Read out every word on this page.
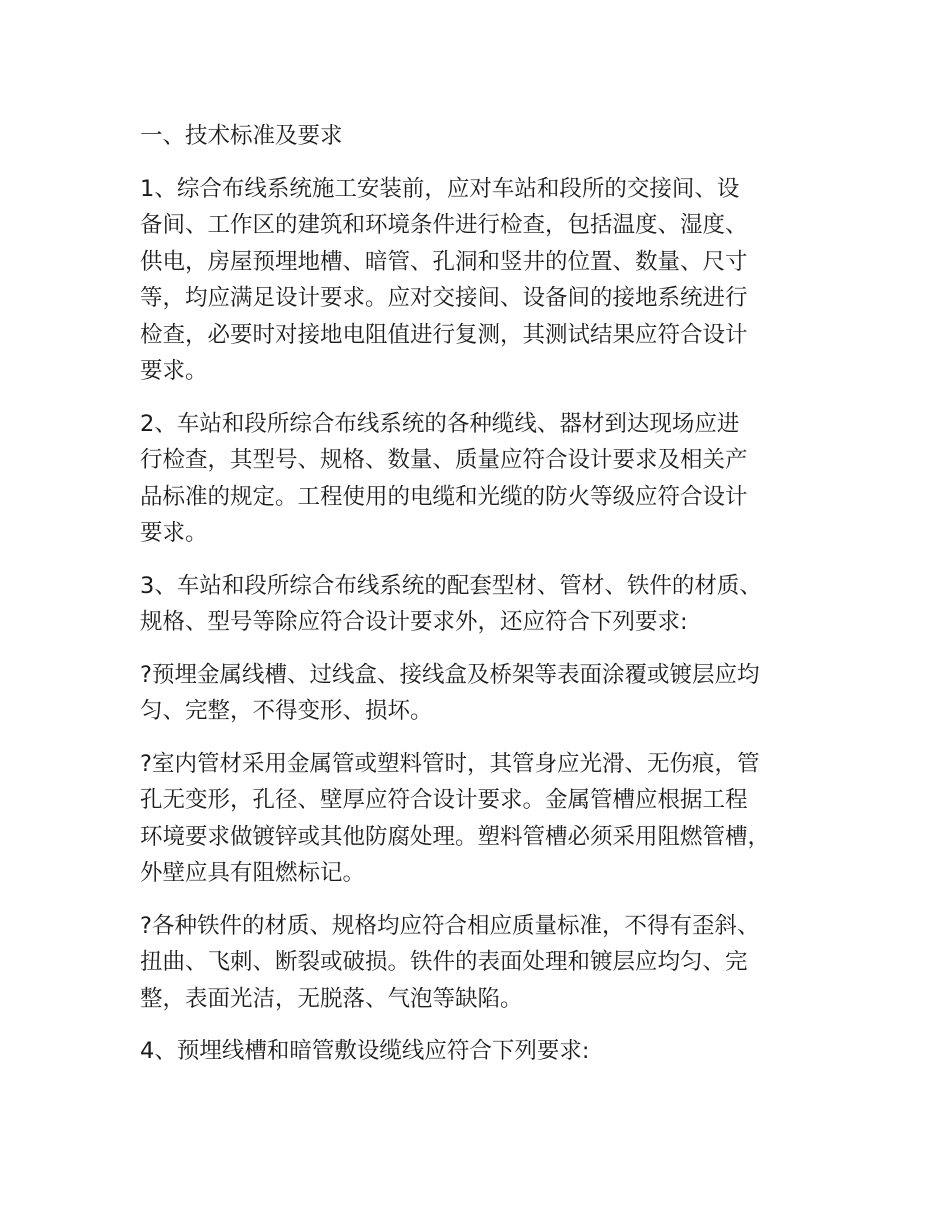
一、技术标准及要求
1、综合布线系统施工安装前，应对车站和段所的交接间、设
备间、工作区的建筑和环境条件进行检查，包括温度、湿度、
供电，房屋预埋地槽、暗管、孔洞和竖井的位置、数量、尺寸
等，均应满足设计要求。应对交接间、设备间的接地系统进行
检查，必要时对接地电阻值进行复测，其测试结果应符合设计
要求。
2、车站和段所综合布线系统的各种缆线、器材到达现场应进
行检查，其型号、规格、数量、质量应符合设计要求及相关产
品标准的规定。工程使用的电缆和光缆的防火等级应符合设计
要求。
3、车站和段所综合布线系统的配套型材、管材、铁件的材质、
规格、型号等除应符合设计要求外，还应符合下列要求:
?预埋金属线槽、过线盒、接线盒及桥架等表面涂覆或镀层应均
匀、完整，不得变形、损坏。
?室内管材采用金属管或塑料管时，其管身应光滑、无伤痕，管
孔无变形，孔径、壁厚应符合设计要求。金属管槽应根据工程
环境要求做镀锌或其他防腐处理。塑料管槽必须采用阻燃管槽，
外壁应具有阻燃标记。
?各种铁件的材质、规格均应符合相应质量标准，不得有歪斜、
扭曲、飞刺、断裂或破损。铁件的表面处理和镀层应均匀、完
整，表面光洁，无脱落、气泡等缺陷。
4、预埋线槽和暗管敷设缆线应符合下列要求:
